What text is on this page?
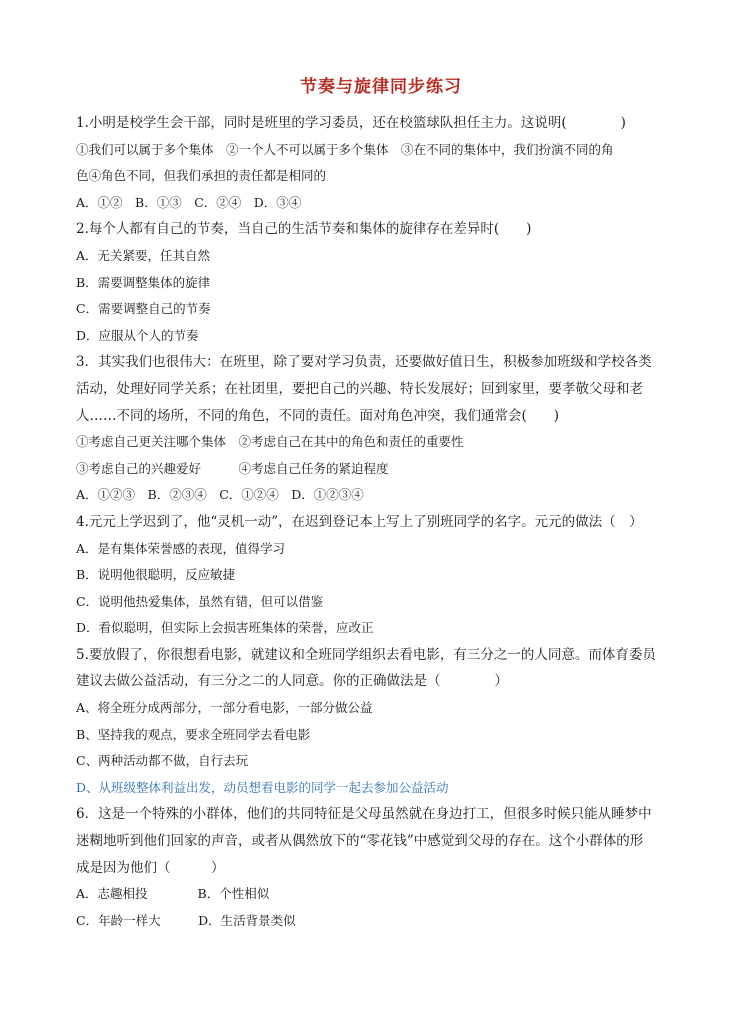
节奏与旋律同步练习
1.小明是校学生会干部，同时是班里的学习委员，还在校篮球队担任主力。这说明(　　　　)
①我们可以属于多个集体　②一个人不可以属于多个集体　③在不同的集体中，我们扮演不同的角
色④角色不同，但我们承担的责任都是相同的
A．①②　B．①③　C．②④　D．③④
2.每个人都有自己的节奏，当自己的生活节奏和集体的旋律存在差异时(　　)
A．无关紧要，任其自然
B．需要调整集体的旋律
C．需要调整自己的节奏
D．应服从个人的节奏
3．其实我们也很伟大：在班里，除了要对学习负责，还要做好值日生，积极参加班级和学校各类
活动，处理好同学关系；在社团里，要把自己的兴趣、特长发展好；回到家里，要孝敬父母和老
人……不同的场所，不同的角色，不同的责任。面对角色冲突，我们通常会(　　)
①考虑自己更关注哪个集体　②考虑自己在其中的角色和责任的重要性
③考虑自己的兴趣爱好　　　④考虑自己任务的紧迫程度
A．①②③　B．②③④　C．①②④　D．①②③④
4.元元上学迟到了，他“灵机一动”，在迟到登记本上写上了别班同学的名字。元元的做法（　）
A．是有集体荣誉感的表现，值得学习
B．说明他很聪明，反应敏捷
C．说明他热爱集体，虽然有错，但可以借鉴
D．看似聪明，但实际上会损害班集体的荣誉，应改正
5.要放假了，你很想看电影，就建议和全班同学组织去看电影，有三分之一的人同意。而体育委员
建议去做公益活动，有三分之二的人同意。你的正确做法是（　　　　）
A、将全班分成两部分，一部分看电影，一部分做公益
B、坚持我的观点，要求全班同学去看电影
C、两种活动都不做，自行去玩
D、从班级整体利益出发，动员想看电影的同学一起去参加公益活动
6．这是一个特殊的小群体，他们的共同特征是父母虽然就在身边打工，但很多时候只能从睡梦中
迷糊地听到他们回家的声音，或者从偶然放下的“零花钱”中感觉到父母的存在。这个小群体的形
成是因为他们（　　　）
A．志趣相投　　　　B．个性相似
C．年龄一样大　　　D．生活背景类似
